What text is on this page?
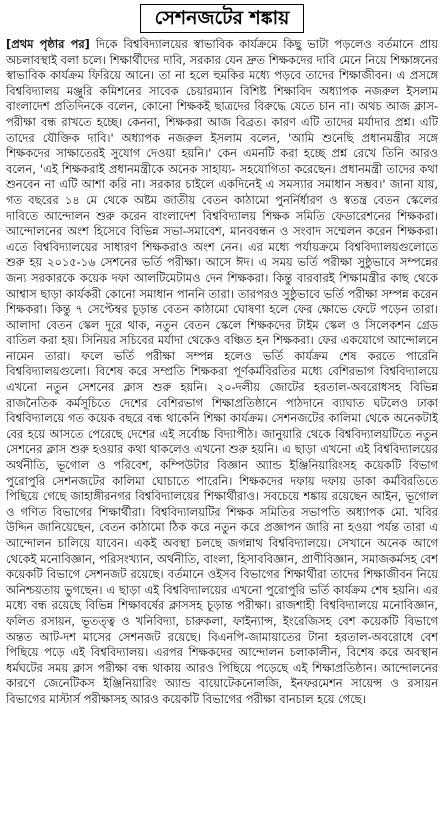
সেশনজটের শঙ্কায়

[প্রথম পৃষ্ঠার পর] দিকে বিশ্ববিদ্যালয়ের স্বাভাবিক কার্যক্রমে কিছু ভাটা পড়লেও বর্তমানে প্রায় অচলাবস্থাই বলা চলে। শিক্ষার্থীদের দাবি, সরকার যেন দ্রুত শিক্ষকদের দাবি মেনে নিয়ে শিক্ষাঙ্গনের স্বাভাবিক কার্যক্রম ফিরিয়ে আনে। তা না হলে হুমকির মধ্যে পড়বে তাদের শিক্ষাজীবন। এ প্রসঙ্গে বিশ্ববিদ্যালয় মঞ্জুরি কমিশনের সাবেক চেয়ারম্যান বিশিষ্ট শিক্ষাবিদ অধ্যাপক নজরুল ইসলাম বাংলাদেশ প্রতিদিনকে বলেন, কোনো শিক্ষকই ছাত্রদের বিরুদ্ধে যেতে চান না। অথচ আজ ক্লাস-পরীক্ষা বন্ধ রাখতে হচ্ছে। কেননা, শিক্ষকরা আজ বিব্রত। কারণ এটি তাদের মর্যাদার প্রশ্ন। এটি তাদের যৌক্তিক দাবি।' অধ্যাপক নজরুল ইসলাম বলেন, 'আমি শুনেছি প্রধানমন্ত্রীর সঙ্গে শিক্ষকদের সাক্ষাতেরই সুযোগ দেওয়া হয়নি।' কেন এমনটি করা হচ্ছে প্রশ্ন রেখে তিনি আরও বলেন, 'এই শিক্ষকরাই প্রধানমন্ত্রীকে অনেক সাহায্য- সহযোগিতা করেছেন। প্রধানমন্ত্রী তাদের কথা শুনবেন না এটি আশা করি না। সরকার চাইলে একদিনেই এ সমস্যার সমাধান সম্ভব।' জানা যায়, গত বছরের ১৪ মে থেকে অষ্টম জাতীয় বেতন কাঠামো পুনর্নির্ধারণ ও স্বতন্ত্র বেতন স্কেলের দাবিতে আন্দোলন শুরু করেন বাংলাদেশ বিশ্ববিদ্যালয় শিক্ষক সমিতি ফেডারেশনের শিক্ষকরা। আন্দোলনের অংশ হিসেবে বিভিন্ন সভা-সমাবেশ, মানববন্ধন ও সংবাদ সম্মেলন করেন শিক্ষকরা। এতে বিশ্ববিদ্যালয়ের সাধারণ শিক্ষকরাও অংশ নেন। এর মধ্যে পর্যায়ক্রমে বিশ্ববিদ্যালয়গুলোতে শুরু হয় ২০১৫-১৬ সেশনের ভর্তি পরীক্ষা। আসে ঈদ। এ সময় ভর্তি পরীক্ষা সুষ্ঠুভাবে সম্পন্নের জন্য সরকারকে কয়েক দফা আলটিমেটামও দেন শিক্ষকরা। কিন্তু বারবারই শিক্ষামন্ত্রীর কাছ থেকে আশ্বাস ছাড়া কার্যকরী কোনো সমাধান পাননি তারা। তারপরও সুষ্ঠুভাবে ভর্তি পরীক্ষা সম্পন্ন করেন শিক্ষকরা। কিন্তু ৭ সেপ্টেম্বর চূড়ান্ত বেতন কাঠামো ঘোষণা হলে ফের ক্ষোভে ফেটে পড়েন তারা। আলাদা বেতন স্কেল দূরে থাক, নতুন বেতন স্কেলে শিক্ষকদের টাইম স্কেল ও সিলেকশন গ্রেড বাতিল করা হয়। সিনিয়র সচিবের মর্যাদা থেকেও বঞ্চিত হন শিক্ষকরা। ফের একযোগে আন্দোলনে নামেন তারা। ফলে ভর্তি পরীক্ষা সম্পন্ন হলেও ভর্তি কার্যক্রম শেষ করতে পারেনি বিশ্ববিদ্যালয়গুলো। বিশেষ করে সম্প্রতি শিক্ষকরা পূর্ণকর্মবিরতির মধ্যে বেশিরভাগ বিশ্ববিদ্যালয়ে এখনো নতুন সেশনের ক্লাস শুরু হয়নি। ২০-দলীয় জোটের হরতাল-অবরোধসহ বিভিন্ন রাজনৈতিক কর্মসূচিতে দেশের বেশিরভাগ শিক্ষাপ্রতিষ্ঠানে পাঠদানে ব্যাঘাত ঘটলেও ঢাকা বিশ্ববিদ্যালয়ে গত কয়েক বছরে বন্ধ থাকেনি শিক্ষা কার্যক্রম। সেশনজটের কালিমা থেকে অনেকটাই বের হয়ে আসতে পেরেছে দেশের এই সর্বোচ্চ বিদ্যাপীঠ। জানুয়ারি থেকে বিশ্ববিদ্যালয়টিতে নতুন সেশনের ক্লাস শুরু হওয়ার কথা থাকলেও এখনো শুরু হয়নি। এ ছাড়া এখনো এই বিশ্ববিদ্যালয়ের অর্থনীতি, ভূগোল ও পরিবেশ, কম্পিউটার বিজ্ঞান অ্যান্ড ইঞ্জিনিয়ারিংসহ কয়েকটি বিভাগ পুরোপুরি সেশনজটের কালিমা ঘোচাতে পারেনি। শিক্ষকদের দফায় দফায় ডাকা কর্মবিরতিতে পিছিয়ে গেছে জাহাঙ্গীরনগর বিশ্ববিদ্যালয়ের শিক্ষার্থীরাও। সবচেয়ে শঙ্কায় রয়েছেন আইন, ভূগোল ও গণিত বিভাগের শিক্ষার্থীরা। বিশ্ববিদ্যালয়টির শিক্ষক সমিতির সভাপতি অধ্যাপক মো. খবির উদ্দিন জানিয়েছেন, বেতন কাঠামো ঠিক করে নতুন করে প্রজ্ঞাপন জারি না হওয়া পর্যন্ত তারা এ আন্দোলন চালিয়ে যাবেন। একই অবস্থা চলছে জগন্নাথ বিশ্ববিদ্যালয়ে। সেখানে অনেক আগে থেকেই মনোবিজ্ঞান, পরিসংখ্যান, অর্থনীতি, বাংলা, হিসাববিজ্ঞান, প্রাণীবিজ্ঞান, সমাজকর্মসহ বেশ কয়েকটি বিভাগে সেশনজট রয়েছে। বর্তমানে ওইসব বিভাগের শিক্ষার্থীরা তাদের শিক্ষাজীবন নিয়ে অনিশ্চয়তায় ভুগছেন। এ ছাড়া এই বিশ্ববিদ্যালয়ের এখনো পুরোপুরি ভর্তি কার্যক্রম শেষ হয়নি। এর মধ্যে বন্ধ রয়েছে বিভিন্ন শিক্ষাবর্ষের ক্লাসসহ চূড়ান্ত পরীক্ষা। রাজশাহী বিশ্ববিদ্যালয়ে মনোবিজ্ঞান, ফলিত রসায়ন, ভূতত্ত্ব ও খনিবিদ্যা, চারুকলা, ফাইন্যান্স, ইংরেজিসহ বেশ কয়েকটি বিভাগে অন্তত আট-দশ মাসের সেশনজট রয়েছে। বিএনপি-জামায়াতের টানা হরতাল-অবরোধে বেশ পিছিয়ে পড়ে এই বিশ্ববিদ্যালয়। এরপর শিক্ষকদের আন্দোলন চলাকালীন, বিশেষ করে অবস্থান ধর্মঘটের সময় ক্লাস পরীক্ষা বন্ধ থাকায় আরও পিছিয়ে পড়েছে এই শিক্ষাপ্রতিষ্ঠান। আন্দোলনের কারণে জেনেটিকস ইঞ্জিনিয়ারিং অ্যান্ড বায়োটেকনোলজি, ইনফরমেশন সায়েন্স ও রসায়ন বিভাগের মাস্টার্স পরীক্ষাসহ আরও কয়েকটি বিভাগের পরীক্ষা বানচাল হয়ে গেছে।
